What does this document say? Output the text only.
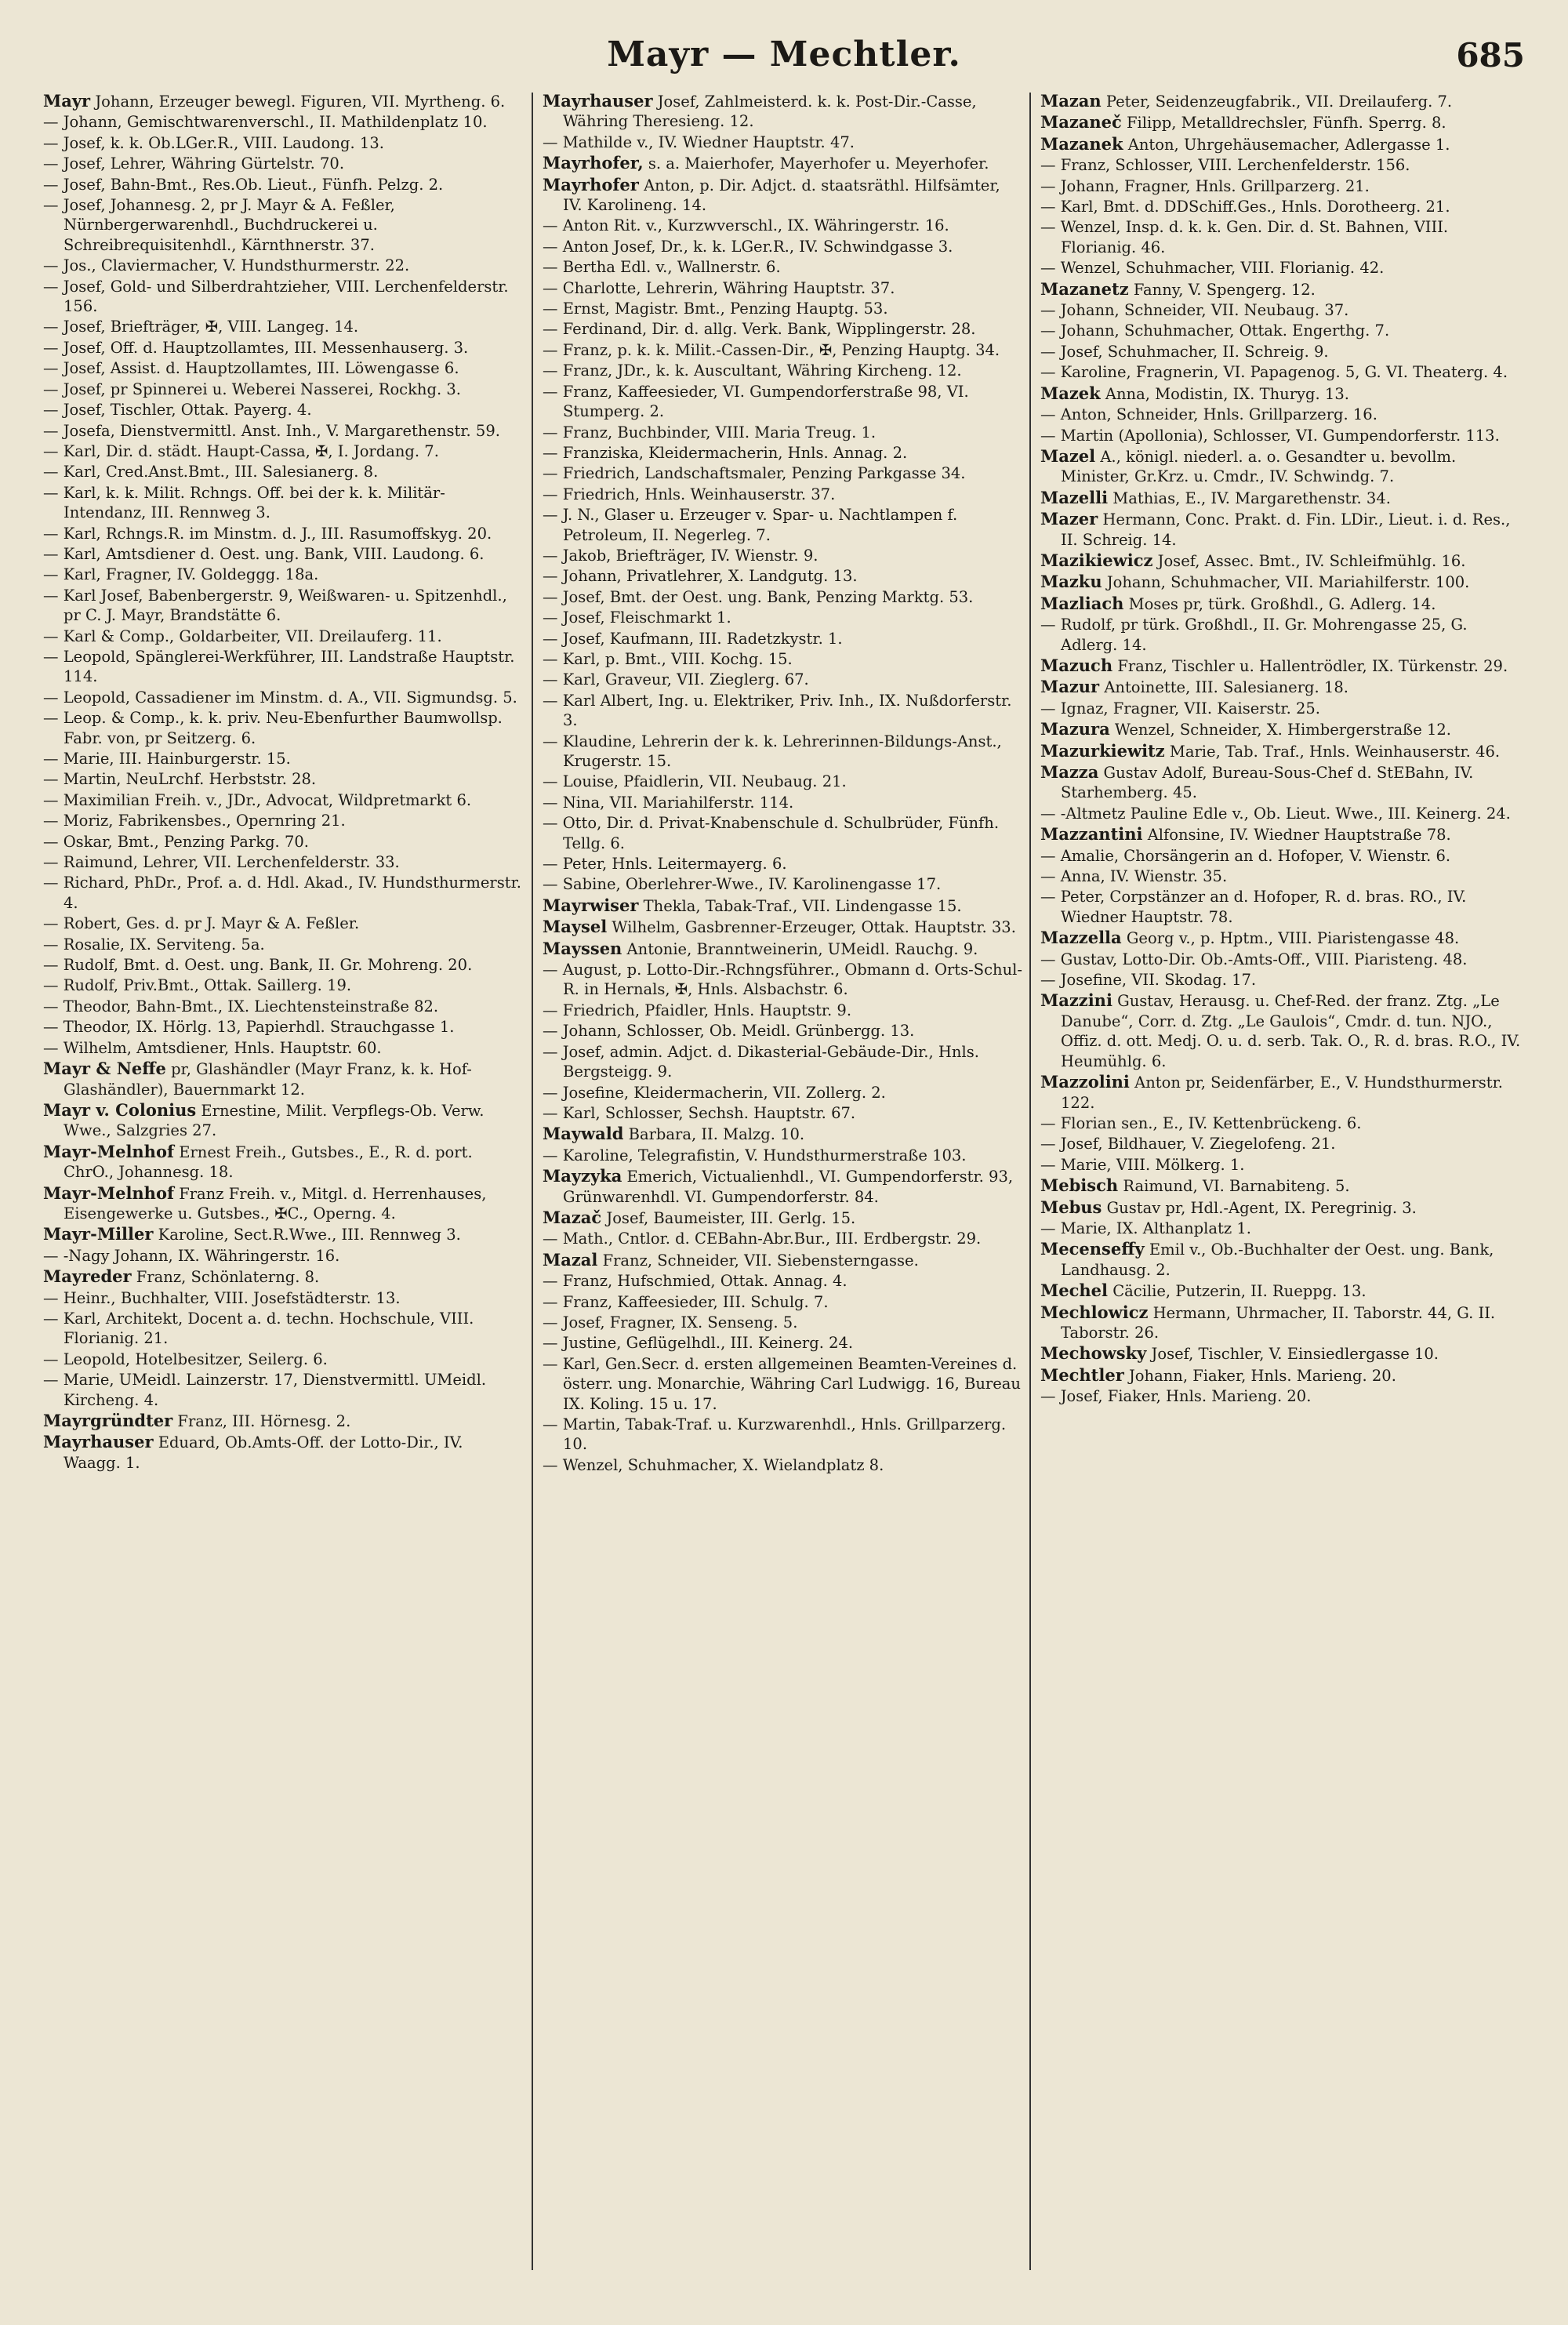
Mayr — Mechtler.	685
Mayr Johann, Erzeuger bewegl. Figuren, VII. Myrtheng. 6.
— Johann, Gemischtwarenverschl., II. Mathildenplatz 10.
— Josef, k. k. Ob.LGer.R., VIII. Laudong. 13.
— Josef, Lehrer, Währing Gürtelstr. 70.
— Josef, Bahn-Bmt., Res.Ob. Lieut., Fünfh. Pelzg. 2.
— Josef, Johannesg. 2, pr J. Mayr & A. Feßler, Nürnbergerwarenhdl., Buchdruckerei u. Schreibrequisitenhdl., Kärnthnerstr. 37.
— Jos., Claviermacher, V. Hundsthurmerstr. 22.
— Josef, Gold- und Silberdrahtzieher, VIII. Lerchenfelderstr. 156.
— Josef, Briefträger, ✠, VIII. Langeg. 14.
— Josef, Off. d. Hauptzollamtes, III. Messenhauserg. 3.
— Josef, Assist. d. Hauptzollamtes, III. Löwengasse 6.
— Josef, pr Spinnerei u. Weberei Nasserei, Rockhg. 3.
— Josef, Tischler, Ottak. Payerg. 4.
— Josefa, Dienstvermittl. Anst. Inh., V. Margarethenstr. 59.
— Karl, Dir. d. städt. Haupt-Cassa, ✠, I. Jordang. 7.
— Karl, Cred.Anst.Bmt., III. Salesianerg. 8.
— Karl, k. k. Milit. Rchngs. Off. bei der k. k. Militär-Intendanz, III. Rennweg 3.
— Karl, Rchngs.R. im Minstm. d. J., III. Rasumoffskyg. 20.
— Karl, Amtsdiener d. Oest. ung. Bank, VIII. Laudong. 6.
— Karl, Fragner, IV. Goldeggg. 18a.
— Karl Josef, Babenbergerstr. 9, Weißwaren- u. Spitzenhdl., pr C. J. Mayr, Brandstätte 6.
— Karl & Comp., Goldarbeiter, VII. Dreilauferg. 11.
— Leopold, Spänglerei-Werkführer, III. Landstraße Hauptstr. 114.
— Leopold, Cassadiener im Minstm. d. A., VII. Sigmundsg. 5.
— Leop. & Comp., k. k. priv. Neu-Ebenfurther Baumwollsp. Fabr. von, pr Seitzerg. 6.
— Marie, III. Hainburgerstr. 15.
— Martin, NeuLrchf. Herbststr. 28.
— Maximilian Freih. v., JDr., Advocat, Wildpretmarkt 6.
— Moriz, Fabrikensbes., Opernring 21.
— Oskar, Bmt., Penzing Parkg. 70.
— Raimund, Lehrer, VII. Lerchenfelderstr. 33.
— Richard, PhDr., Prof. a. d. Hdl. Akad., IV. Hundsthurmerstr. 4.
— Robert, Ges. d. pr J. Mayr & A. Feßler.
— Rosalie, IX. Serviteng. 5a.
— Rudolf, Bmt. d. Oest. ung. Bank, II. Gr. Mohreng. 20.
— Rudolf, Priv.Bmt., Ottak. Saillerg. 19.
— Theodor, Bahn-Bmt., IX. Liechtensteinstraße 82.
— Theodor, IX. Hörlg. 13, Papierhdl. Strauchgasse 1.
— Wilhelm, Amtsdiener, Hnls. Hauptstr. 60.
Mayr & Neffe pr, Glashändler (Mayr Franz, k. k. Hof-Glashändler), Bauernmarkt 12.
Mayr v. Colonius Ernestine, Milit. Verpflegs-Ob. Verw. Wwe., Salzgries 27.
Mayr-Melnhof Ernest Freih., Gutsbes., E., R. d. port. ChrO., Johannesg. 18.
Mayr-Melnhof Franz Freih. v., Mitgl. d. Herrenhauses, Eisengewerke u. Gutsbes., ✠C., Operng. 4.
Mayr-Miller Karoline, Sect.R.Wwe., III. Rennweg 3.
— -Nagy Johann, IX. Währingerstr. 16.
Mayreder Franz, Schönlaterng. 8.
— Heinr., Buchhalter, VIII. Josefstädterstr. 13.
— Karl, Architekt, Docent a. d. techn. Hochschule, VIII. Florianig. 21.
— Leopold, Hotelbesitzer, Seilerg. 6.
— Marie, UMeidl. Lainzerstr. 17, Dienstvermittl. UMeidl. Kircheng. 4.
Mayrgründter Franz, III. Hörnesg. 2.
Mayrhauser Eduard, Ob.Amts-Off. der Lotto-Dir., IV. Waagg. 1.
Mayrhauser Josef, Zahlmeisterd. k. k. Post-Dir.-Casse, Währing Theresieng. 12.
— Mathilde v., IV. Wiedner Hauptstr. 47.
Mayrhofer, s. a. Maierhofer, Mayerhofer u. Meyerhofer.
Mayrhofer Anton, p. Dir. Adjct. d. staatsräthl. Hilfsämter, IV. Karolineng. 14.
— Anton Rit. v., Kurzwverschl., IX. Währingerstr. 16.
— Anton Josef, Dr., k. k. LGer.R., IV. Schwindgasse 3.
— Bertha Edl. v., Wallnerstr. 6.
— Charlotte, Lehrerin, Währing Hauptstr. 37.
— Ernst, Magistr. Bmt., Penzing Hauptg. 53.
— Ferdinand, Dir. d. allg. Verk. Bank, Wipplingerstr. 28.
— Franz, p. k. k. Milit.-Cassen-Dir., ✠, Penzing Hauptg. 34.
— Franz, JDr., k. k. Auscultant, Währing Kircheng. 12.
— Franz, Kaffeesieder, VI. Gumpendorferstraße 98, VI. Stumperg. 2.
— Franz, Buchbinder, VIII. Maria Treug. 1.
— Franziska, Kleidermacherin, Hnls. Annag. 2.
— Friedrich, Landschaftsmaler, Penzing Parkgasse 34.
— Friedrich, Hnls. Weinhauserstr. 37.
— J. N., Glaser u. Erzeuger v. Spar- u. Nachtlampen f. Petroleum, II. Negerleg. 7.
— Jakob, Briefträger, IV. Wienstr. 9.
— Johann, Privatlehrer, X. Landgutg. 13.
— Josef, Bmt. der Oest. ung. Bank, Penzing Marktg. 53.
— Josef, Fleischmarkt 1.
— Josef, Kaufmann, III. Radetzkystr. 1.
— Karl, p. Bmt., VIII. Kochg. 15.
— Karl, Graveur, VII. Zieglerg. 67.
— Karl Albert, Ing. u. Elektriker, Priv. Inh., IX. Nußdorferstr. 3.
— Klaudine, Lehrerin der k. k. Lehrerinnen-Bildungs-Anst., Krugerstr. 15.
— Louise, Pfaidlerin, VII. Neubaug. 21.
— Nina, VII. Mariahilferstr. 114.
— Otto, Dir. d. Privat-Knabenschule d. Schulbrüder, Fünfh. Tellg. 6.
— Peter, Hnls. Leitermayerg. 6.
— Sabine, Oberlehrer-Wwe., IV. Karolinengasse 17.
Mayrwiser Thekla, Tabak-Traf., VII. Lindengasse 15.
Maysel Wilhelm, Gasbrenner-Erzeuger, Ottak. Hauptstr. 33.
Mayssen Antonie, Branntweinerin, UMeidl. Rauchg. 9.
— August, p. Lotto-Dir.-Rchngsführer., Obmann d. Orts-Schul-R. in Hernals, ✠, Hnls. Alsbachstr. 6.
— Friedrich, Pfaidler, Hnls. Hauptstr. 9.
— Johann, Schlosser, Ob. Meidl. Grünbergg. 13.
— Josef, admin. Adjct. d. Dikasterial-Gebäude-Dir., Hnls. Bergsteigg. 9.
— Josefine, Kleidermacherin, VII. Zollerg. 2.
— Karl, Schlosser, Sechsh. Hauptstr. 67.
Maywald Barbara, II. Malzg. 10.
— Karoline, Telegrafistin, V. Hundsthurmerstraße 103.
Mayzyka Emerich, Victualienhdl., VI. Gumpendorferstr. 93, Grünwarenhdl. VI. Gumpendorferstr. 84.
Mazač Josef, Baumeister, III. Gerlg. 15.
— Math., Cntlor. d. CEBahn-Abr.Bur., III. Erdbergstr. 29.
Mazal Franz, Schneider, VII. Siebensterngasse.
— Franz, Hufschmied, Ottak. Annag. 4.
— Franz, Kaffeesieder, III. Schulg. 7.
— Josef, Fragner, IX. Senseng. 5.
— Justine, Geflügelhdl., III. Keinerg. 24.
— Karl, Gen.Secr. d. ersten allgemeinen Beamten-Vereines d. österr. ung. Monarchie, Währing Carl Ludwigg. 16, Bureau IX. Koling. 15 u. 17.
— Martin, Tabak-Traf. u. Kurzwarenhdl., Hnls. Grillparzerg. 10.
— Wenzel, Schuhmacher, X. Wielandplatz 8.
Mazan Peter, Seidenzeugfabrik., VII. Dreilauferg. 7.
Mazaneč Filipp, Metalldrechsler, Fünfh. Sperrg. 8.
Mazanek Anton, Uhrgehäusemacher, Adlergasse 1.
— Franz, Schlosser, VIII. Lerchenfelderstr. 156.
— Johann, Fragner, Hnls. Grillparzerg. 21.
— Karl, Bmt. d. DDSchiff.Ges., Hnls. Dorotheerg. 21.
— Wenzel, Insp. d. k. k. Gen. Dir. d. St. Bahnen, VIII. Florianig. 46.
— Wenzel, Schuhmacher, VIII. Florianig. 42.
Mazanetz Fanny, V. Spengerg. 12.
— Johann, Schneider, VII. Neubaug. 37.
— Johann, Schuhmacher, Ottak. Engerthg. 7.
— Josef, Schuhmacher, II. Schreig. 9.
— Karoline, Fragnerin, VI. Papagenog. 5, G. VI. Theaterg. 4.
Mazek Anna, Modistin, IX. Thuryg. 13.
— Anton, Schneider, Hnls. Grillparzerg. 16.
— Martin (Apollonia), Schlosser, VI. Gumpendorferstr. 113.
Mazel A., königl. niederl. a. o. Gesandter u. bevollm. Minister, Gr.Krz. u. Cmdr., IV. Schwindg. 7.
Mazelli Mathias, E., IV. Margarethenstr. 34.
Mazer Hermann, Conc. Prakt. d. Fin. LDir., Lieut. i. d. Res., II. Schreig. 14.
Mazikiewicz Josef, Assec. Bmt., IV. Schleifmühlg. 16.
Mazku Johann, Schuhmacher, VII. Mariahilferstr. 100.
Mazliach Moses pr, türk. Großhdl., G. Adlerg. 14.
— Rudolf, pr türk. Großhdl., II. Gr. Mohrengasse 25, G. Adlerg. 14.
Mazuch Franz, Tischler u. Hallentrödler, IX. Türkenstr. 29.
Mazur Antoinette, III. Salesianerg. 18.
— Ignaz, Fragner, VII. Kaiserstr. 25.
Mazura Wenzel, Schneider, X. Himbergerstraße 12.
Mazurkiewitz Marie, Tab. Traf., Hnls. Weinhauserstr. 46.
Mazza Gustav Adolf, Bureau-Sous-Chef d. StEBahn, IV. Starhemberg. 45.
— -Altmetz Pauline Edle v., Ob. Lieut. Wwe., III. Keinerg. 24.
Mazzantini Alfonsine, IV. Wiedner Hauptstraße 78.
— Amalie, Chorsängerin an d. Hofoper, V. Wienstr. 6.
— Anna, IV. Wienstr. 35.
— Peter, Corpstänzer an d. Hofoper, R. d. bras. RO., IV. Wiedner Hauptstr. 78.
Mazzella Georg v., p. Hptm., VIII. Piaristengasse 48.
— Gustav, Lotto-Dir. Ob.-Amts-Off., VIII. Piaristeng. 48.
— Josefine, VII. Skodag. 17.
Mazzini Gustav, Herausg. u. Chef-Red. der franz. Ztg. „Le Danube“, Corr. d. Ztg. „Le Gaulois“, Cmdr. d. tun. NJO., Offiz. d. ott. Medj. O. u. d. serb. Tak. O., R. d. bras. R.O., IV. Heumühlg. 6.
Mazzolini Anton pr, Seidenfärber, E., V. Hundsthurmerstr. 122.
— Florian sen., E., IV. Kettenbrückeng. 6.
— Josef, Bildhauer, V. Ziegelofeng. 21.
— Marie, VIII. Mölkerg. 1.
Mebisch Raimund, VI. Barnabiteng. 5.
Mebus Gustav pr, Hdl.-Agent, IX. Peregrinig. 3.
— Marie, IX. Althanplatz 1.
Mecenseffy Emil v., Ob.-Buchhalter der Oest. ung. Bank, Landhausg. 2.
Mechel Cäcilie, Putzerin, II. Rueppg. 13.
Mechlowicz Hermann, Uhrmacher, II. Taborstr. 44, G. II. Taborstr. 26.
Mechowsky Josef, Tischler, V. Einsiedlergasse 10.
Mechtler Johann, Fiaker, Hnls. Marieng. 20.
— Josef, Fiaker, Hnls. Marieng. 20.
